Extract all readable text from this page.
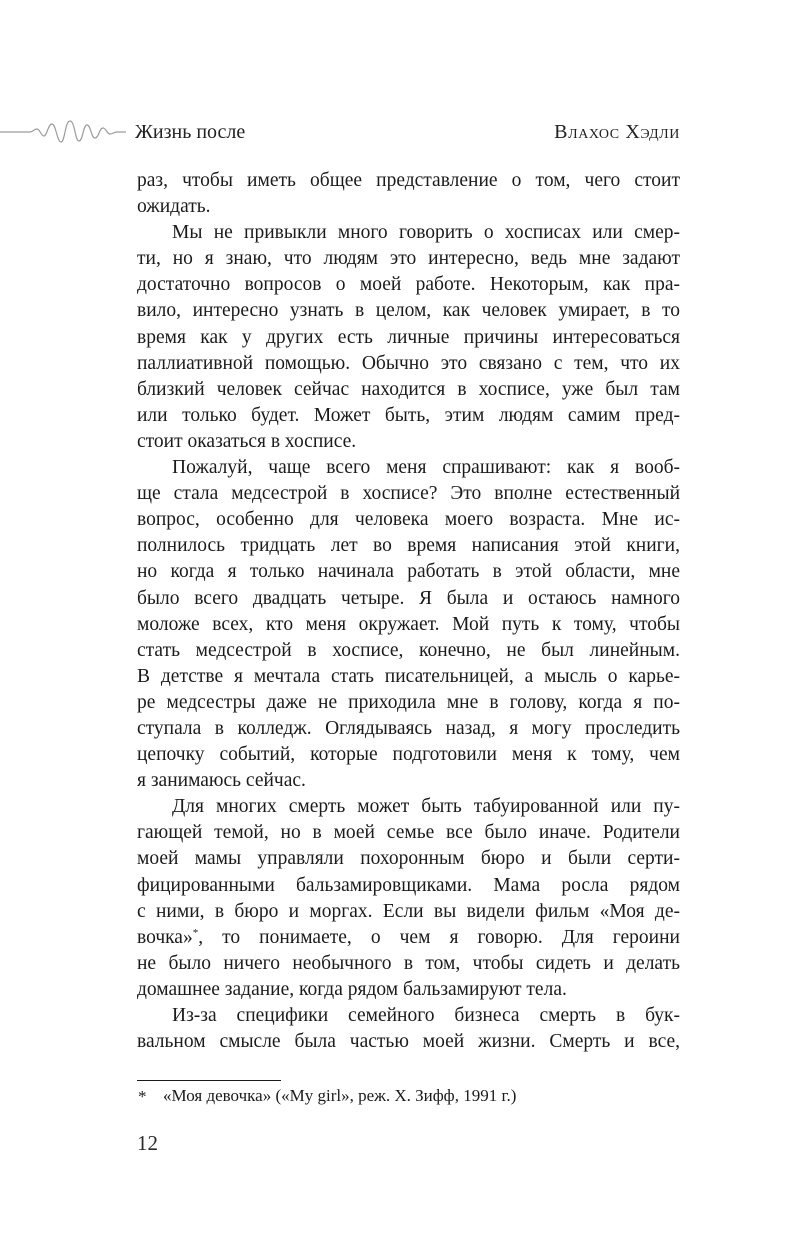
Жизнь после	Влахос Хэдли
раз, чтобы иметь общее представление о том, чего стоит
ожидать.
Мы не привыкли много говорить о хосписах или смер-
ти, но я знаю, что людям это интересно, ведь мне задают
достаточно вопросов о моей работе. Некоторым, как пра-
вило, интересно узнать в целом, как человек умирает, в то
время как у других есть личные причины интересоваться
паллиативной помощью. Обычно это связано с тем, что их
близкий человек сейчас находится в хосписе, уже был там
или только будет. Может быть, этим людям самим пред-
стоит оказаться в хосписе.
Пожалуй, чаще всего меня спрашивают: как я вооб-
ще стала медсестрой в хосписе? Это вполне естественный
вопрос, особенно для человека моего возраста. Мне ис-
полнилось тридцать лет во время написания этой книги,
но когда я только начинала работать в этой области, мне
было всего двадцать четыре. Я была и остаюсь намного
моложе всех, кто меня окружает. Мой путь к тому, чтобы
стать медсестрой в хосписе, конечно, не был линейным.
В детстве я мечтала стать писательницей, а мысль о карье-
ре медсестры даже не приходила мне в голову, когда я по-
ступала в колледж. Оглядываясь назад, я могу проследить
цепочку событий, которые подготовили меня к тому, чем
я занимаюсь сейчас.
Для многих смерть может быть табуированной или пу-
гающей темой, но в моей семье все было иначе. Родители
моей мамы управляли похоронным бюро и были серти-
фицированными бальзамировщиками. Мама росла рядом
с ними, в бюро и моргах. Если вы видели фильм «Моя де-
вочка»*, то понимаете, о чем я говорю. Для героини
не было ничего необычного в том, чтобы сидеть и делать
домашнее задание, когда рядом бальзамируют тела.
Из-за специфики семейного бизнеса смерть в бук-
вальном смысле была частью моей жизни. Смерть и все,
* «Моя девочка» («My girl», реж. Х. Зифф, 1991 г.)
12
